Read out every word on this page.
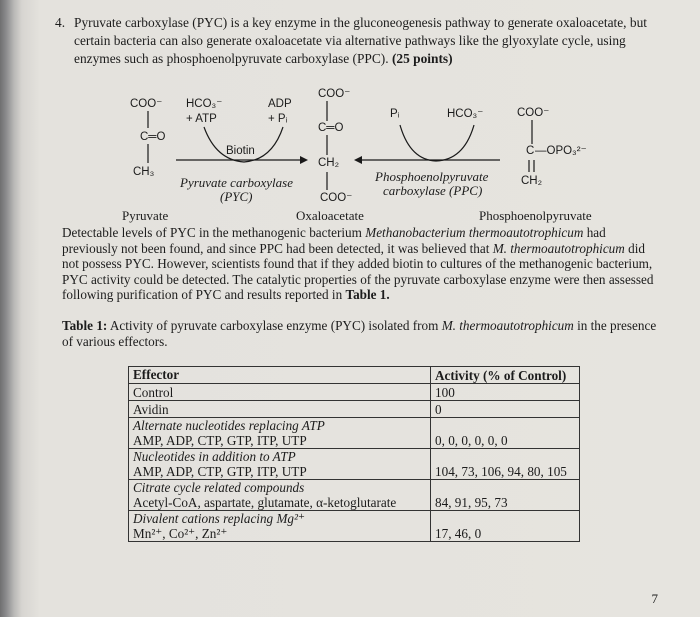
4. Pyruvate carboxylase (PYC) is a key enzyme in the gluconeogenesis pathway to generate oxaloacetate, but certain bacteria can also generate oxaloacetate via alternative pathways like the glyoxylate cycle, using enzymes such as phosphoenolpyruvate carboxylase (PPC). (25 points)
COO⁻
C═O
CH₃
HCO₃⁻
+ ATP
ADP
+ Pᵢ
Biotin
Pyruvate carboxylase
(PYC)
COO⁻
C═O
CH₂
COO⁻
Pᵢ	HCO₃⁻
Phosphoenolpyruvate
carboxylase (PPC)
COO⁻
C —OPO₃²⁻
CH₂
Pyruvate	Oxaloacetate	Phosphoenolpyruvate
Detectable levels of PYC in the methanogenic bacterium Methanobacterium thermoautotrophicum had previously not been found, and since PPC had been detected, it was believed that M. thermoautotrophicum did not possess PYC. However, scientists found that if they added biotin to cultures of the methanogenic bacterium, PYC activity could be detected. The catalytic properties of the pyruvate carboxylase enzyme were then assessed following purification of PYC and results reported in Table 1.
Table 1: Activity of pyruvate carboxylase enzyme (PYC) isolated from M. thermoautotrophicum in the presence of various effectors.
Effector	Activity (% of Control)
Control	100
Avidin	0
Alternate nucleotides replacing ATP
AMP, ADP, CTP, GTP, ITP, UTP	0, 0, 0, 0, 0, 0
Nucleotides in addition to ATP
AMP, ADP, CTP, GTP, ITP, UTP	104, 73, 106, 94, 80, 105
Citrate cycle related compounds
Acetyl-CoA, aspartate, glutamate, α-ketoglutarate	84, 91, 95, 73
Divalent cations replacing Mg²⁺
Mn²⁺, Co²⁺, Zn²⁺	17, 46, 0
7
